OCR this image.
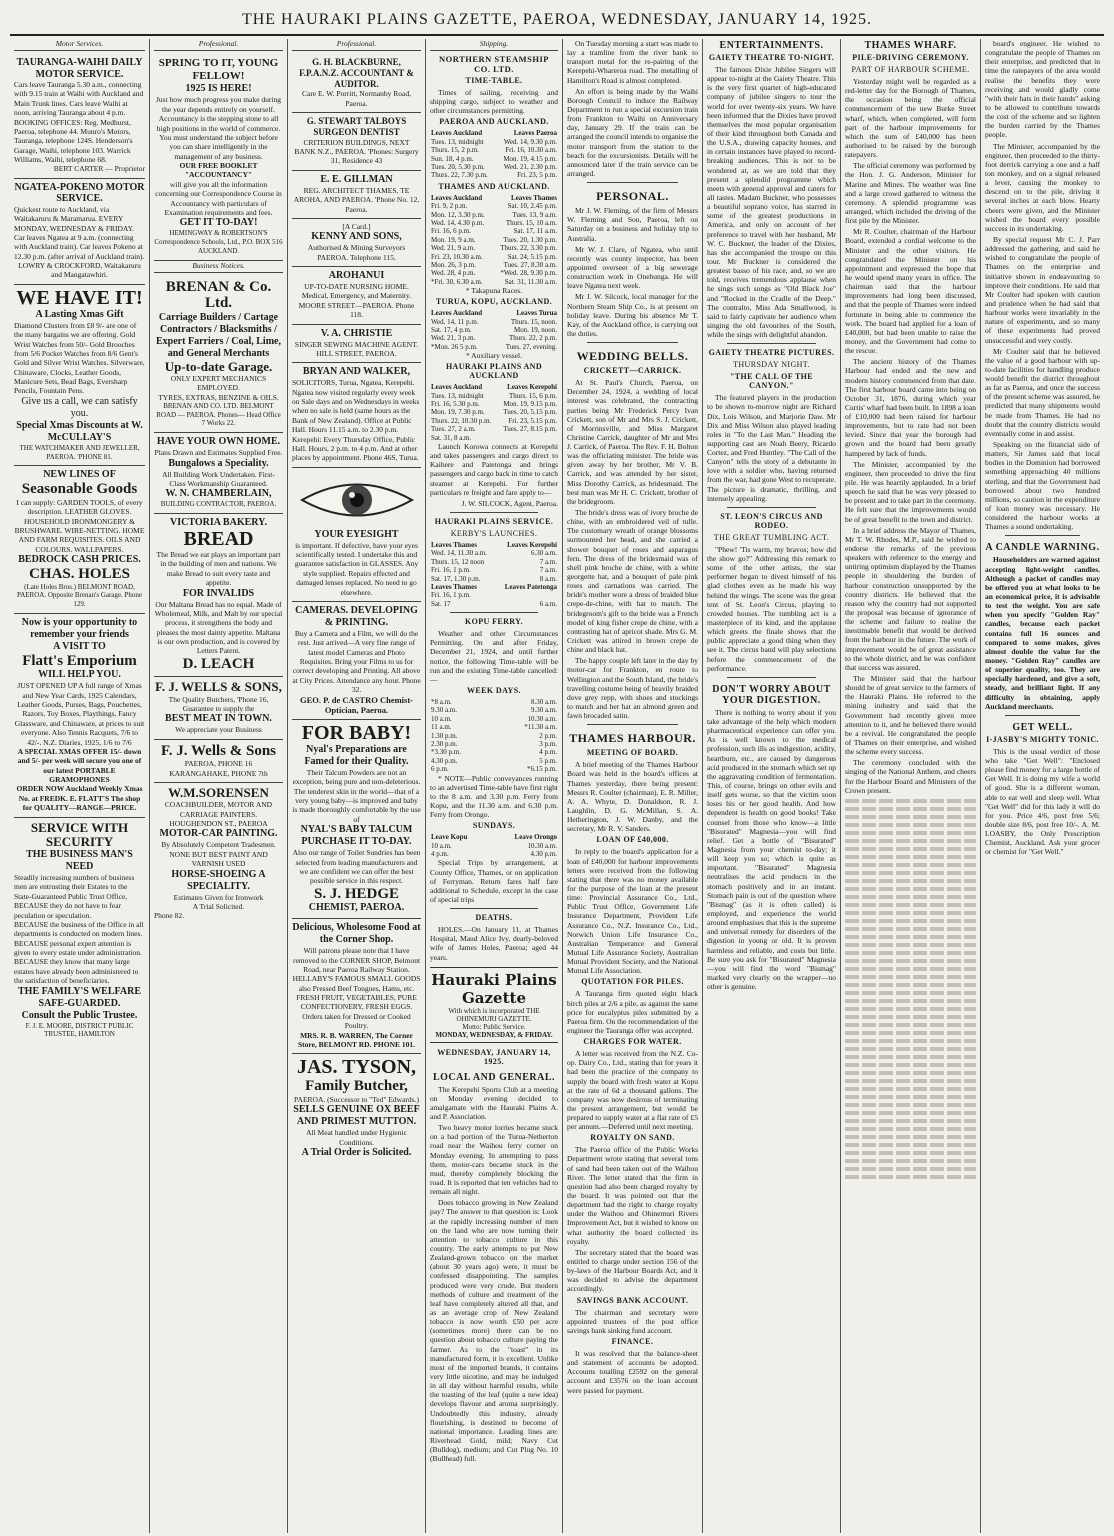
THE HAURAKI PLAINS GAZETTE, PAEROA, WEDNESDAY, JANUARY 14, 1925.
Motor Services.
TAURANGA-WAIHI DAILY MOTOR SERVICE.
Cars leave Tauranga 5.30 a.m., connecting with 9.15 train at Waihi with Auckland and Main Trunk lines. Cars leave Waihi at noon, arriving Tauranga about 4 p.m.
BOOKING OFFICES: Reg. Medhurst, Paeroa, telephone 44. Munro's Motors, Tauranga, telephone 124S. Henderson's Garage, Waihi, telephone 103. Warrick Williams, Waihi, telephone 68.
BERT CARTER — Proprietor
NGATEA-POKENO MOTOR SERVICE.
Quickest route to Auckland, via Waitakaruru & Maramarua. EVERY MONDAY, WEDNESDAY & FRIDAY. Car leaves Ngatea at 9 a.m. (connecting with Auckland train). Car leaves Pokeno at 12.30 p.m. (after arrival of Auckland train).
LOWRY & CROCKFORD, Waitakaruru and Mangatawhiri.
WE HAVE IT!
A Lasting Xmas Gift
Diamond Clusters from £8 9/- are one of the many bargains we are offering. Gold Wrist Watches from 50/- Gold Brooches from 5/6 Pocket Watches from 8/6 Gent's Gold and Silver Wrist Watches. Silverware, Chinaware, Clocks, Leather Goods, Manicure Sets, Bead Bags, Eversharp Pencils, Fountain Pens.
Give us a call, we can satisfy you.
Special Xmas Discounts at W. McCULLAY'S
THE WATCHMAKER AND JEWELLER, PAEROA. 'PHONE 81.
NEW LINES OF
Seasonable Goods
I can supply: GARDEN TOOLS, of every description. LEATHER GLOVES. HOUSEHOLD IRONMONGERY & BRUSHWARE. WIRE-NETTING. HOME AND FARM REQUISITES. OILS AND COLOURS. WALLPAPERS.
BEDROCK CASH PRICES.
CHAS. HOLES
(Late Holes Bros.) BELMONT ROAD, PAEROA. Opposite Brenan's Garage. Phone 129.
Now is your opportunity to remember your friends
A VISIT TO
Flatt's Emporium
WILL HELP YOU.
JUST OPENED UP A full range of Xmas and New Year Cards, 1925 Calendars, Leather Goods, Purses, Bags, Pouchettes, Razors, Toy Boxes, Playthings, Fancy Glassware, and Chinaware, at prices to suit everyone. Also Tennis Racquets, 7/6 to 42/-. N.Z. Diaries, 1925, 1/6 to 7/6
A SPECIAL XMAS OFFER 15/- down and 5/- per week will secure you one of our latest PORTABLE GRAMOPHONES
ORDER NOW Auckland Weekly Xmas No. at FREDK. E. FLATT'S The shop for QUALITY—RANGE—PRICE.
SERVICE WITH SECURITY
THE BUSINESS MAN'S NEED
Steadily increasing numbers of business men are entrusting their Estates to the State-Guaranteed Public Trust Office,
BECAUSE they do not have to fear peculation or speculation.
BECAUSE the business of the Office in all departments is conducted on modern lines.
BECAUSE personal expert attention is given to every estate under administration.
BECAUSE they know that many large estates have already been administered to the satisfaction of beneficiaries.
THE FAMILY'S WELFARE SAFE-GUARDED.
Consult the Public Trustee.
F. J. E. MOORE, DISTRICT PUBLIC TRUSTEE, HAMILTON
Professional.
SPRING TO IT, YOUNG FELLOW!
1925 IS HERE!
Just how much progress you make during the year depends entirely on yourself. Accountancy is the stepping stone to all high positions in the world of commerce. You must understand the subject before you can share intelligently in the management of any business.
OUR FREE BOOKLET "ACCOUNTANCY"
will give you all the information concerning our Correspondence Course in Accountancy with particulars of Examination requirements and fees.
GET IT TO-DAY!
HEMINGWAY & ROBERTSON'S Correspondence Schools, Ltd., P.O. BOX 516 AUCKLAND.
Business Notices.
BRENAN & Co. Ltd.
Carriage Builders / Cartage Contractors / Blacksmiths / Expert Farriers / Coal, Lime, and General Merchants
Up-to-date Garage.
ONLY EXPERT MECHANICS EMPLOYED.
TYRES, EXTRAS, BENZINE & OILS.
BRENAN AND CO. LTD. BELMONT ROAD — PAEROA. Phones— Head Office 7 Works 22.
HAVE YOUR OWN HOME.
Plans Drawn and Estimates Supplied Free.
Bungalows a Speciality.
All Building Work Undertaken. First-Class Workmanship Guaranteed.
W. N. CHAMBERLAIN,
BUILDING CONTRACTOR, PAEROA.
VICTORIA BAKERY.
BREAD
The Bread we eat plays an important part in the building of men and nations. We make Bread to suit every taste and appetite.
FOR INVALIDS
Our Maltana Bread has no equal. Made of Wholemeal, Milk, and Malt by our special process, it strengthens the body and pleases the most dainty appetite. Maltana is our own production, and is covered by Letters Patent.
D. LEACH
F. J. WELLS & SONS,
The Quality Butchers, 'Phone 16, Guarantee to supply the
BEST MEAT IN TOWN.
We appreciate your Business
F. J. Wells & Sons
PAEROA, PHONE 16 KARANGAHAKE, PHONE 7th
W.M.SORENSEN
COACHBUILDER, MOTOR AND CARRIAGE PAINTERS. HOUGHENDON ST., PAEROA
MOTOR-CAR PAINTING.
By Absolutely Competent Tradesmen.
NONE BUT BEST PAINT AND VARNISH USED
HORSE-SHOEING A SPECIALITY.
Estimates Given for Ironwork
A Trial Solicited.
Phone 82.
Professional.
G. H. BLACKBURNE, F.P.A.N.Z. ACCOUNTANT & AUDITOR.
Care E. W. Porritt, Normanby Road, Paeroa.
G. STEWART TALBOYS SURGEON DENTIST
CRITERION BUILDINGS, NEXT BANK N.Z., PAEROA. 'Phones: Surgery 31, Residence 43
E. E. GILLMAN
REG. ARCHITECT THAMES, TE AROHA, AND PAEROA. 'Phone No. 12, Paeroa.
[A Card.]
KENNY AND SONS,
Authorised & Mining Surveyors PAEROA. Telephone 115.
AROHANUI
UP-TO-DATE NURSING HOME. Medical, Emergency, and Maternity. MOORE STREET—PAEROA. Phone 118.
V. A. CHRISTIE
SINGER SEWING MACHINE AGENT. HILL STREET, PAEROA.
BRYAN AND WALKER,
SOLICITORS, Turua, Ngatea, Kerepehi. Ngatea now visited regularly every week on Sale days and on Wednesdays in weeks when no sale is held (same hours as the Bank of New Zealand). Office at Public Hall. Hours 11.15 a.m. to 2.30 p.m. Kerepehi: Every Thursday Office, Public Hall. Hours, 2 p.m. to 4 p.m. And at other places by appointment. Phone 46S, Turua.
YOUR EYESIGHT
is important. If defective, have your eyes scientifically tested. I undertake this and guarantee satisfaction in GLASSES. Any style supplied. Repairs effected and damaged lenses replaced. No need to go elsewhere.
CAMERAS. DEVELOPING & PRINTING.
Buy a Camera and a Film, we will do the rest. Just arrived—A very fine range of latest model Cameras and Photo Requisites. Bring your Films to us for correct developing and Printing. All above at City Prices. Attendance any hour. Phone 32.
GEO. P. de CASTRO Chemist-Optician, Paeroa.
FOR BABY!
Nyal's Preparations are Famed for their Quality.
Their Talcum Powders are not an exception, being pure and non-deleterious. The tenderest skin in the world—that of a very young baby—is improved and baby is made thoroughly comfortable by the use of
NYAL'S BABY TALCUM
PURCHASE IT TO-DAY.
Also our range of Toilet Sundries has been selected from leading manufacturers and we are confident we can offer the best possible service in this respect.
S. J. HEDGE
CHEMIST, PAEROA.
Delicious, Wholesome Food at the Corner Shop.
Will patrons please note that I have removed to the CORNER SHOP, Belmont Road, near Paeroa Railway Station.
HELLABY'S FAMOUS SMALL GOODS also Pressed Beef Tongues, Hams, etc.
FRESH FRUIT, VEGETABLES, PURE CONFECTIONERY, FRESH EGGS. Orders taken for Dressed or Cooked Poultry.
MRS. R. B. WARREN, The Corner Store, BELMONT RD. PHONE 101.
JAS. TYSON,
Family Butcher,
PAEROA. (Successor to "Ted" Edwards.)
SELLS GENUINE OX BEEF AND PRIMEST MUTTON.
All Meat handled under Hygienic Conditions.
A Trial Order is Solicited.
Shipping.
NORTHERN STEAMSHIP CO. LTD.
TIME-TABLE.
Times of sailing, receiving and shipping cargo, subject to weather and other circumstances permitting.
PAEROA AND AUCKLAND.
Leaves Auckland	Leaves Paeroa
Tues. 13, midnight	Wed. 14, 9.30 p.m.
Thurs. 15, 2 p.m.	Fri. 16, 10.30 a.m.
Sun. 18, 4 p.m.	Mon. 19, 4.15 p.m.
Tues. 20, 5.30 p.m.	Wed. 21, 2.30 p.m.
Thurs. 22, 7.30 p.m.	Fri. 23, 5 p.m.
THAMES AND AUCKLAND.
Leaves Auckland	Leaves Thames
Fri. 9, 2 p.m.	Sat. 10, 2.45 p.m.
Mon. 12, 3.30 p.m.	Tues. 13, 9 a.m.
Wed. 14, 4.30 p.m.	Thurs. 15, 10 a.m.
Fri. 16, 6 p.m.	Sat. 17, 11 a.m.
Mon. 19, 9 a.m.	Tues. 20, 1.30 p.m.
Wed. 21, 9 a.m.	Thurs. 22, 3.30 p.m.
Fri. 23, 10.30 a.m.	Sat. 24, 5.15 p.m.
Mon. 26, 3 p.m.	Tues. 27, 8.30 a.m.
Wed. 28, 4 p.m.	*Wed. 28, 9.30 p.m.
*Fri. 30, 6.30 a.m.	Sat. 31, 11.30 a.m.
* Takapuna Races.
TURUA, KOPU, AUCKLAND.
Leaves Auckland	Leaves Turua
Wed. 14, 11 p.m.	Thurs. 15, noon.
Sat. 17, 4 p.m.	Mon. 19, noon.
Wed. 21, 3 p.m.	Thurs. 22, 2 p.m.
*Mon. 26 5 p.m.	Tues. 27, evening.
* Auxiliary vessel.
HAURAKI PLAINS AND AUCKLAND
Leaves Auckland	Leaves Kerepehi
Tues. 13, midnight	Thurs. 15, 6 p.m.
Fri. 16, 5.30 p.m.	Mon. 19, 9.15 p.m.
Mon. 19, 7.30 p.m.	Tues. 20, 5.15 p.m.
Thurs. 22, 10.30 p.m.	Fri. 23, 5.15 p.m.
Tues. 27, 2 a.m.	Tues. 27, 8.15 p.m.
Sat. 31, 8 a.m.	
Launch Korowa connects at Kerepehi and takes passengers and cargo direct to Kaihere and Patetonga and brings passengers and cargo back in time to catch steamer at Kerepehi. For further particulars re freight and fare apply to—
J. W. SILCOCK, Agent, Paeroa.
HAURAKI PLAINS SERVICE.
KERBY'S LAUNCHES.
Leaves Thames	Leaves Kerepehi
Wed. 14, 11.30 a.m.	6.30 a.m.
Thurs. 15, 12 noon	7 a.m.
Fri. 16, 1 p.m.	7 a.m.
Sat. 17, 1.30 p.m.	8 a.m.
Leaves Thames	Leaves Patetonga
Fri. 16, 1 p.m.	
Sat. 17	6 a.m.
KOPU FERRY.
Weather and other Circumstances Permitting. On and after Friday, December 21, 1924, and until further notice, the following Time-table will be run and the existing Time-table cancelled:—
WEEK DAYS.
*8 a.m.	8.30 a.m.
9.30 a.m.	9.30 a.m.
10 a.m.	10.30 a.m.
11 a.m.	*11.30 a.m.
1.30 p.m.	2 p.m.
2.30 p.m.	3 p.m.
*3.30 p.m.	4 p.m.
4.30 p.m.	5 p.m.
6 p.m.	*6.15 p.m.
* NOTE—Public conveyances running to an advertised Time-table have first right to the 8 a.m. and 3.30 p.m. Ferry from Kopu, and the 11.30 a.m. and 6.30 p.m. Ferry from Orongo.
SUNDAYS.
Leave Kopu	Leave Orongo
10 a.m.	10.30 a.m.
4 p.m.	4.30 p.m.
Special Trips by arrangement, at County Office, Thames, or on application of Ferryman. Return fares half fare additional to Schedule, except in the case of special trips
DEATHS.
HOLES.—On January 11, at Thames Hospital, Maud Alice Ivy, dearly-beloved wife of James Holes, Paeroa; aged 44 years.
Hauraki Plains Gazette
With which is incorporated THE OHINEMURI GAZETTE.
Motto: Public Service.
MONDAY, WEDNESDAY, & FRIDAY.
WEDNESDAY, JANUARY 14, 1925.
LOCAL AND GENERAL.
The Kerepehi Sports Club at a meeting on Monday evening decided to amalgamate with the Hauraki Plains A. and P. Association.
Two heavy motor lorries became stuck on a bad portion of the Turua-Netherton road near the Waihou ferry corner on Monday evening. In attempting to pass them, motor-cars became stuck in the mud, thereby completely blocking the road. It is reported that ten vehicles had to remain all night.
Does tobacco growing in New Zealand pay? The answer to that question is: Look at the rapidly increasing number of men on the land who are now turning their attention to tobacco culture in this country. The early attempts to put New Zealand-grown tobacco on the market (about 30 years ago) were, it must be confessed disappointing. The samples produced were very crude. But modern methods of culture and treatment of the leaf have completely altered all that, and as an average crop of New Zealand tobacco is now worth £50 per acre (sometimes more) there can be no question about tobacco culture paying the farmer. As to the "toast" in its manufactured form, it is excellent. Unlike most of the imported brands, it contains very little nicotine, and may be indulged in all day without harmful results, while the toasting of the leaf (quite a new idea) develops flavour and aroma surprisingly. Undoubtedly this industry, already flourishing, is destined to become of national importance. Leading lines are: Riverhead Gold, mild; Navy Cut (Bulldog), medium; and Cut Plug No. 10 (Bullhead) full.
On Tuesday morning a start was made to lay a tramline from the river bank to transport metal for the re-pairing of the Kerepehi-Whareroa road. The metalling of Hamilton's Road is almost completed.
An effort is being made by the Waihi Borough Council to induce the Railway Department to run a special excursion train from Frankton to Waihi on Anniversary day, January 29. If the train can be arranged the council intends to organise the motor transport from the station to the beach for the excursionists. Details will be announced later if the train service can be arranged.
PERSONAL.
Mr J. W. Fleming, of the firm of Messrs W. Fleming and Son, Paeroa, left on Saturday on a business and holiday trip to Australia.
Mr W. J. Clare, of Ngatea, who until recently was county inspector, has been appointed overseer of a big sewerage construction work in Onehunga. He will leave Ngatea next week.
Mr J. W. Silcock, local manager for the Northern Steam Ship Co., is at present on holiday leave. During his absence Mr T. Kay, of the Auckland office, is carrying out the duties.
WEDDING BELLS.
CRICKETT—CARRICK.
At St. Paul's Church, Paeroa, on December 24, 1924, a wedding of local interest was celebrated, the contracting parties being Mr Frederick Percy Ivan Crickett, son of Mr and Mrs S. J. Crickett, of Morrinsville, and Miss Margaret Christine Carrick, daughter of Mr and Mrs J. Carrick, of Paeroa. The Rev. F. H. Bolton was the officiating minister. The bride was given away by her brother, Mr V. B. Carrick, and was attended by her sister, Miss Dorothy Carrick, as bridesmaid. The best man was Mr H. C. Crickett, brother of the bridegroom.
The bride's dress was of ivory broche de chine, with an embroidered veil of tulle. The customary wreath of orange blossoms surmounted her head, and she carried a shower bouquet of roses and asparagus fern. The dress of the bridesmaid was of shell pink broche de chine, with a white georgette hat, and a bouquet of pale pink roses and carnations was carried. The bride's mother wore a dress of braided blue crepe-de-chine, with hat to match. The bridegroom's gift to the bride was a French model of king fisher crepe de chine, with a contrasting hat of apricot shade. Mrs G. M. Crickett was attired in brown crepe de chine and black hat.
The happy couple left later in the day by motor-car for Frankton, en route to Wellington and the South Island, the bride's travelling costume being of heavily braided dove grey repp, with shoes and stockings to match and her hat an almond green and fawn brocaded satin.
THAMES HARBOUR.
MEETING OF BOARD.
A brief meeting of the Thames Harbour Board was held in the board's offices at Thames yesterday, there being present: Messrs R. Coulter (chairman), E. R. Miller, A. A. Whyte, D. Donaldson, R. J. Laughlin, D. G. McMillan, S. A. Hetherington, J. W. Danby, and the secretary, Mr R. V. Sanders.
LOAN OF £40,000.
In reply to the board's application for a loan of £40,000 for harbour improvements letters were received from the following stating that there was no money available for the purpose of the loan at the present time: Provincial Assurance Co., Ltd., Public Trust Office, Government Life Insurance Department, Provident Life Assurance Co., N.Z. Insurance Co., Ltd., Norwich Union Life Insurance Co., Australian Temperance and General Mutual Life Assurance Society, Australian Mutual Provident Society, and the National Mutual Life Association.
QUOTATION FOR PILES.
A Tauranga firm quoted eight black birch piles at 2/6 a pile, as against the same price for eucalyptus piles submitted by a Paeroa firm. On the recommendation of the engineer the Tauranga offer was accepted.
CHARGES FOR WATER.
A letter was received from the N.Z. Co-op. Dairy Co., Ltd., stating that for years it had been the practice of the company to supply the board with fresh water at Kopu at the rate of 6d a thousand gallons. The company was now desirous of terminating the present arrangement, but would be prepared to supply water at a flat rate of £5 per annum.—Deferred until next meeting.
ROYALTY ON SAND.
The Paeroa office of the Public Works Department wrote stating that several tons of sand had been taken out of the Waihou River. The letter stated that the firm in question had also been charged royalty by the board. It was pointed out that the department had the right to charge royalty under the Waihou and Ohinemuri Rivers Improvement Act, but it wished to know on what authority the board collected its royalty.
The secretary stated that the board was entitled to charge under section 156 of the by-laws of the Harbour Boards Act, and it was decided to advise the department accordingly.
SAVINGS BANK ACCOUNT.
The chairman and secretary were appointed trustees of the post office savings bank sinking fund account.
FINANCE.
It was resolved that the balance-sheet and statement of accounts be adopted. Accounts totalling £2592 on the general account and £3576 on the loan account were passed for payment.
ENTERTAINMENTS.
GAIETY THEATRE TO-NIGHT.
The famous Dixie Jubilee Singers will appear to-night at the Gaiety Theatre. This is the very first quartet of high-educated company of jubilee singers to tour the world for over twenty-six years. We have been informed that the Dixies have proved themselves the most popular organisation of their kind throughout both Canada and the U.S.A., drawing capacity houses, and in certain instances have played to record-breaking audiences. This is not to be wondered at, as we are told that they present a splendid programme which meets with general approval and caters for all tastes. Madam Buckner, who possesses a beautiful soprano voice, has starred in some of the greatest productions in America, and only on account of her preference to travel with her husband, Mr W. C. Buckner, the leader of the Dixies, has she accompanied the troupe on this tour. Mr Buckner is considered the greatest basso of his race, and, so we are told, receives tremendous applause when he sings such songs as "Old Black Joe" and "Rocked in the Cradle of the Deep." The contralto, Miss Ada Smallwood, is said to fairly captivate her audience when singing the old favourites of the South, while the sings with delightful abandon.
GAIETY THEATRE PICTURES.
THURSDAY NIGHT.
"THE CALL OF THE CANYON."
The featured players in the production to be shown to-morrow night are Richard Dix, Lois Wilson, and Marjorie Daw. Mr Dix and Miss Wilson also played leading roles in "To the Last Man." Heading the supporting cast are Noah Beery, Ricardo Cortez, and Fred Huntley. "The Call of the Canyon" tells the story of a debutante in love with a soldier who, having returned from the war, had gone West to recuperate. The picture is dramatic, thrilling, and intensely appealing.
ST. LEON'S CIRCUS AND RODEO.
THE GREAT TUMBLING ACT.
"Phew! 'Tis warm, my bravos; how did the show go?" Addressing this remark to some of the other artists, the star performer began to divest himself of his glad clothes even as he made his way behind the wings. The scene was the great tent of St. Leon's Circus, playing to crowded houses. The tumbling act is a masterpiece of its kind, and the applause which greets the finale shows that the public appreciate a good thing when they see it. The circus band will play selections before the commencement of the performance.
DON'T WORRY ABOUT YOUR DIGESTION.
There is nothing to worry about if you take advantage of the help which modern pharmaceutical experience can offer you. As is well known to the medical profession, such ills as indigestion, acidity, heartburn, etc., are caused by dangerous acid produced in the stomach which set up the aggravating condition of fermentation. This, of course, brings on other evils and itself gets worse, so that the victim soon loses his or her good health. And how dependent is health on good books! Take counsel from those who know—a little "Bisurated" Magnesia—you will find relief. Get a bottle of "Bisurated" Magnesia from your chemist to-day; it will keep you so; which is quite as important. "Bisurated" Magnesia neutralises the acid products in the stomach positively and in an instant. Stomach pain is out of the question where "Bismag" (as it is often called) is employed, and experience the world around emphasises that this is the supreme and universal remedy for disorders of the digestion in young or old. It is proven harmless and reliable, and costs but little. Be sure you ask for "Bisurated" Magnesia—you will find the word "Bismag" marked very clearly on the wrapper—no other is genuine.
THAMES WHARF.
PILE-DRIVING CEREMONY.
PART OF HARBOUR SCHEME.
Yesterday might well be regarded as a red-letter day for the Borough of Thames, the occasion being the official commencement of the new Burke Street wharf, which, when completed, will form part of the harbour improvements for which the sum of £40,000 has been authorised to be raised by the borough ratepayers.
The official ceremony was performed by the Hon. J. G. Anderson, Minister for Marine and Mines. The weather was fine and a large crowd gathered to witness the ceremony. A splendid programme was arranged, which included the driving of the first pile by the Minister.
Mr R. Coulter, chairman of the Harbour Board, extended a cordial welcome to the Minister and the other visitors. He congratulated the Minister on his appointment and expressed the hope that he would spend many years in office. The chairman said that the harbour improvements had long been discussed, and that the people of Thames were indeed fortunate in being able to commence the work. The board had applied for a loan of £40,000, but had been unable to raise the money, and the Government had come to the rescue.
The ancient history of the Thames Harbour had ended and the new and modern history commenced from that date. The first harbour board came into being on October 31, 1876, during which year Curtis' wharf had been built. In 1898 a loan of £10,000 had been raised for harbour improvements, but to rate had not been levied. Since that year the borough had grown and the board had been greatly hampered by lack of funds.
The Minister, accompanied by the engineer, then proceeded to drive the first pile. He was heartily applauded. In a brief speech he said that he was very pleased to be present and to take part in the ceremony. He felt sure that the improvements would be of great benefit to the town and district.
In a brief address the Mayor of Thames, Mr T. W. Rhodes, M.P., said he wished to endorse the remarks of the previous speakers with reference to the energy and untiring optimism displayed by the Thames people in shouldering the burden of harbour construction unsupported by the country districts. He believed that the reason why the country had not supported the proposal was because of ignorance of the scheme and failure to realise the inestimable benefit that would be derived from the harbour in the future. The work of improvement would be of great assistance to the whole district, and he was confident that success was assured.
The Minister said that the harbour should be of great service to the farmers of the Hauraki Plains. He referred to the mining industry and said that the Government had recently given more attention to it, and he believed there would be a revival. He congratulated the people of Thames on their enterprise, and wished the scheme every success.
The ceremony concluded with the singing of the National Anthem, and cheers for the Harbour Board and Ministers of the Crown present.
board's engineer. He wished to congratulate the people of Thames on their enterprise, and predicted that in time the ratepayers of the area would realise the benefits they were receiving and would gladly come "with their hats in their hands" asking to be allowed to contribute towards the cost of the scheme and so lighten the burden carried by the Thames people.
The Minister, accompanied by the engineer, then proceeded to the thirty-foot derrick carrying a one and a half ton monkey, and on a signal released a lever, causing the monkey to descend on to the pile, driving it several inches at each blow. Hearty cheers were given, and the Minister wished the board every possible success in its undertaking.
By special request Mr C. J. Parr addressed the gathering, and said he wished to congratulate the people of Thames on the enterprise and initiative shown in endeavouring to improve their conditions. He said that Mr Coulter had spoken with caution and prudence when he had said that harbour works were invariably in the nature of experiments, and so many of these experiments had proved unsuccessful and very costly.
Mr Coulter said that he believed the value of a good harbour with up-to-date facilities for handling produce would benefit the district throughout as far as Paeroa, and once the success of the present scheme was assured, he predicted that many shipments would be made from Thames. He had no doubt that the country districts would eventually come in and assist.
Speaking on the financial side of matters, Sir James said that local bodies in the Dominion had borrowed something approaching 40 millions sterling, and that the Government had borrowed about two hundred millions, so caution in the expenditure of loan money was necessary. He considered the harbour works at Thames a sound undertaking.
A CANDLE WARNING.
Householders are warned against accepting light-weight candles. Although a packet of candles may be offered you at what looks to be an economical price, it is advisable to test the weight. You are safe when you specify "Golden Ray" candles, because each packet contains full 16 ounces and compared to some makes, gives almost double the value for the money. "Golden Ray" candles are of superior quality, too. They are specially hardened, and give a soft, steady, and brilliant light. If any difficulty in obtaining, apply Auckland merchants.
GET WELL.
I-JASBY'S MIGHTY TONIC.
This is the usual verdict of those who take "Get Well": "Enclosed please find money for a large bottle of Get Well. It is doing my wife a world of good. She is a different woman, able to eat well and sleep well. What "Get Well" did for this lady it will do for you. Price 4/6, post free 5/6; double size 8/6, post free 10/-. A. M. LOASBY, the Only Prescription Chemist, Auckland. Ask your grocer or chemist for "Get Well."
